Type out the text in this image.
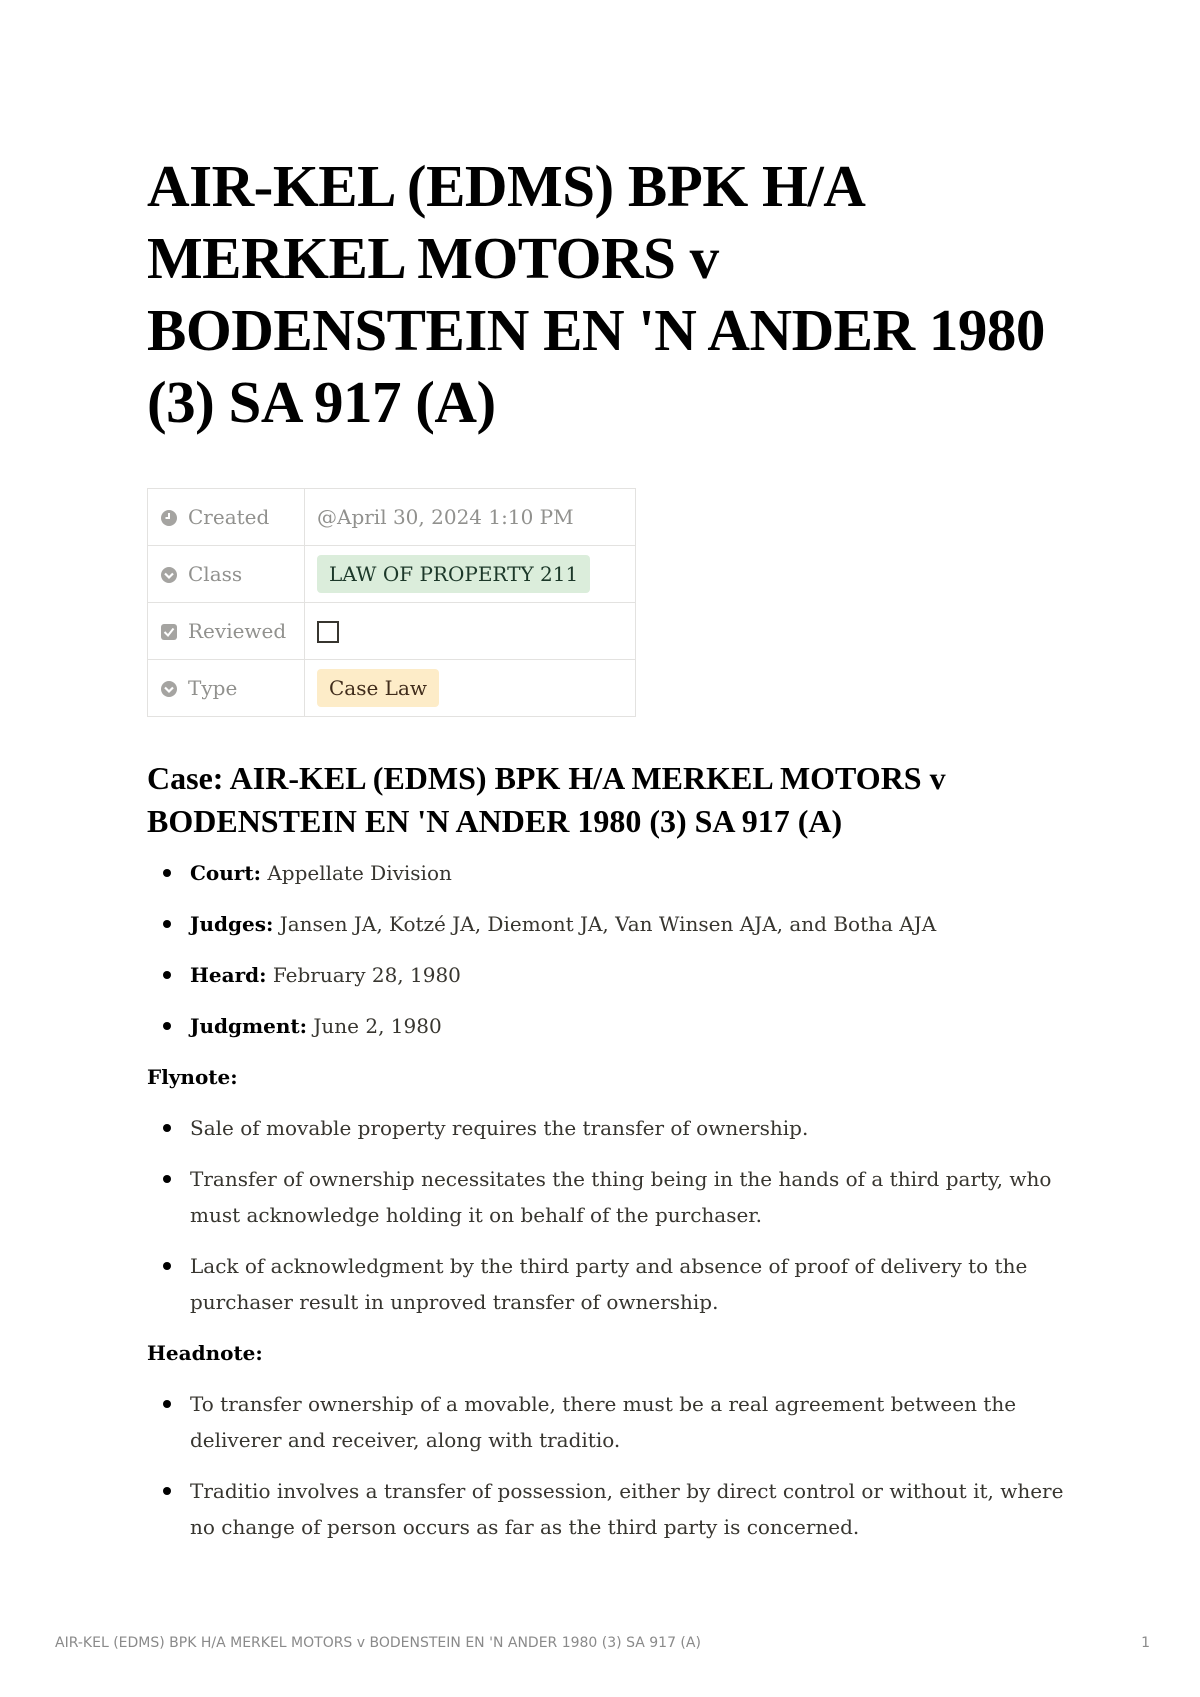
AIR-KEL (EDMS) BPK H/A MERKEL MOTORS v BODENSTEIN EN 'N ANDER 1980 (3) SA 917 (A)
Created	@April 30, 2024 1:10 PM
Class	LAW OF PROPERTY 211
Reviewed	
Type	Case Law
Case: AIR-KEL (EDMS) BPK H/A MERKEL MOTORS v BODENSTEIN EN 'N ANDER 1980 (3) SA 917 (A)
Court: Appellate Division
Judges: Jansen JA, Kotzé JA, Diemont JA, Van Winsen AJA, and Botha AJA
Heard: February 28, 1980
Judgment: June 2, 1980
Flynote:
Sale of movable property requires the transfer of ownership.
Transfer of ownership necessitates the thing being in the hands of a third party, who must acknowledge holding it on behalf of the purchaser.
Lack of acknowledgment by the third party and absence of proof of delivery to the purchaser result in unproved transfer of ownership.
Headnote:
To transfer ownership of a movable, there must be a real agreement between the deliverer and receiver, along with traditio.
Traditio involves a transfer of possession, either by direct control or without it, where no change of person occurs as far as the third party is concerned.
AIR-KEL (EDMS) BPK H/A MERKEL MOTORS v BODENSTEIN EN 'N ANDER 1980 (3) SA 917 (A)	1
